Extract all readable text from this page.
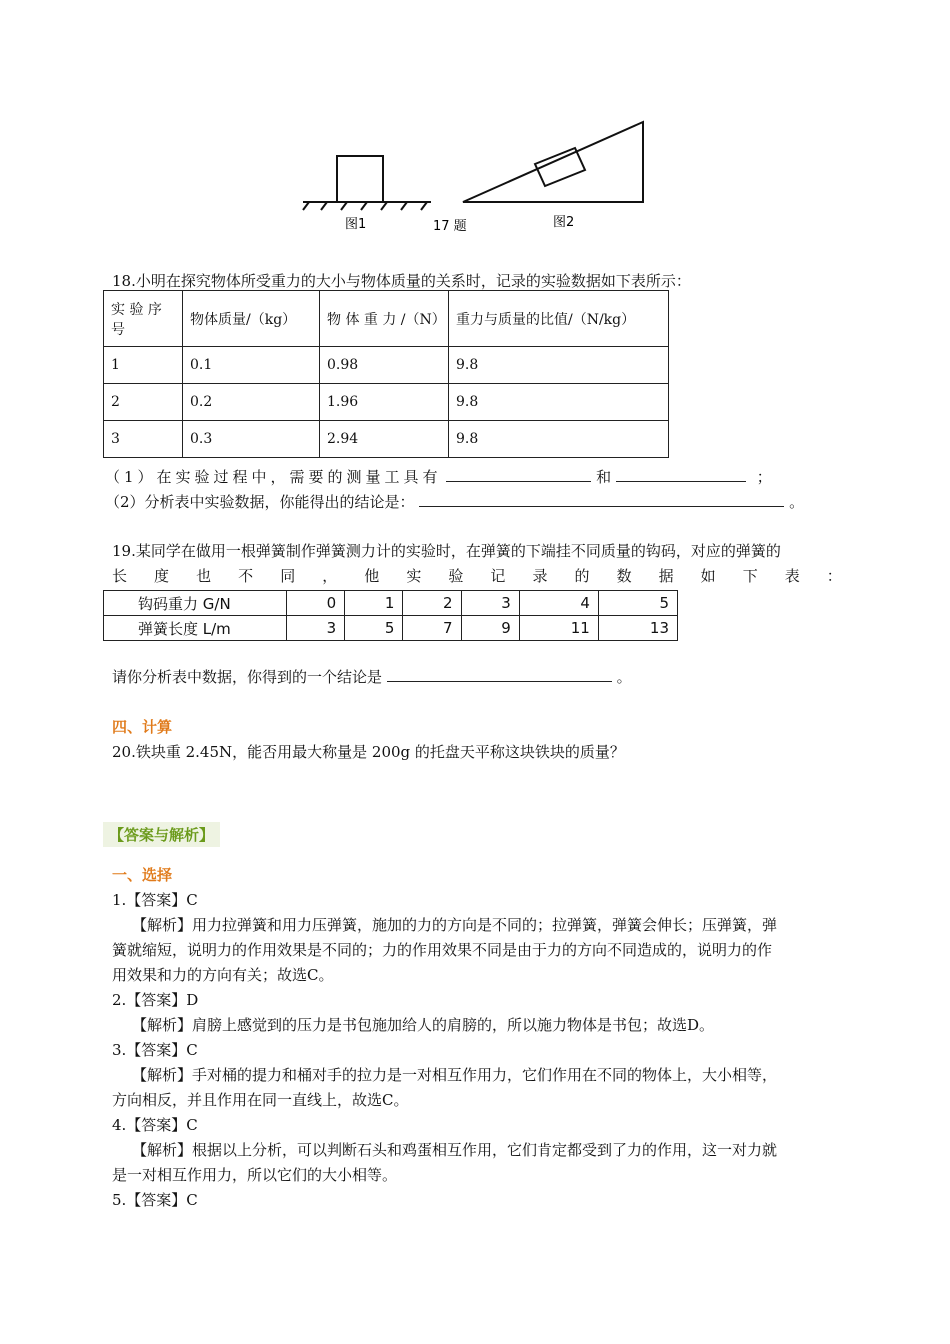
图1	17 题	图2
18.小明在探究物体所受重力的大小与物体质量的关系时，记录的实验数据如下表所示：
实 验 序 号	物体质量/（kg）	物 体 重 力 /（N）	重力与质量的比值/（N/kg）
1	0.1	0.98	9.8
2	0.2	1.96	9.8
3	0.3	2.94	9.8
（1）在实验过程中，需要的测量工具有	和	；
（2）分析表中实验数据，你能得出的结论是：	。
19.某同学在做用一根弹簧制作弹簧测力计的实验时，在弹簧的下端挂不同质量的钩码，对应的弹簧的
长 度 也 不 同 ， 他 实 验 记 录 的 数 据 如 下 表 ：
钩码重力 G/N	0	1	2	3	4	5
弹簧长度 L/m	3	5	7	9	11	13
请你分析表中数据，你得到的一个结论是	。
四、计算
20.铁块重 2.45N，能否用最大称量是 200g 的托盘天平称这块铁块的质量？
【答案与解析】
一、选择
1.【答案】C
【解析】用力拉弹簧和用力压弹簧，施加的力的方向是不同的；拉弹簧，弹簧会伸长；压弹簧，弹
簧就缩短，说明力的作用效果是不同的；力的作用效果不同是由于力的方向不同造成的，说明力的作
用效果和力的方向有关；故选C。
2.【答案】D
【解析】肩膀上感觉到的压力是书包施加给人的肩膀的，所以施力物体是书包；故选D。
3.【答案】C
【解析】手对桶的提力和桶对手的拉力是一对相互作用力，它们作用在不同的物体上，大小相等，
方向相反，并且作用在同一直线上，故选C。
4.【答案】C
【解析】根据以上分析，可以判断石头和鸡蛋相互作用，它们肯定都受到了力的作用，这一对力就
是一对相互作用力，所以它们的大小相等。
5.【答案】C
